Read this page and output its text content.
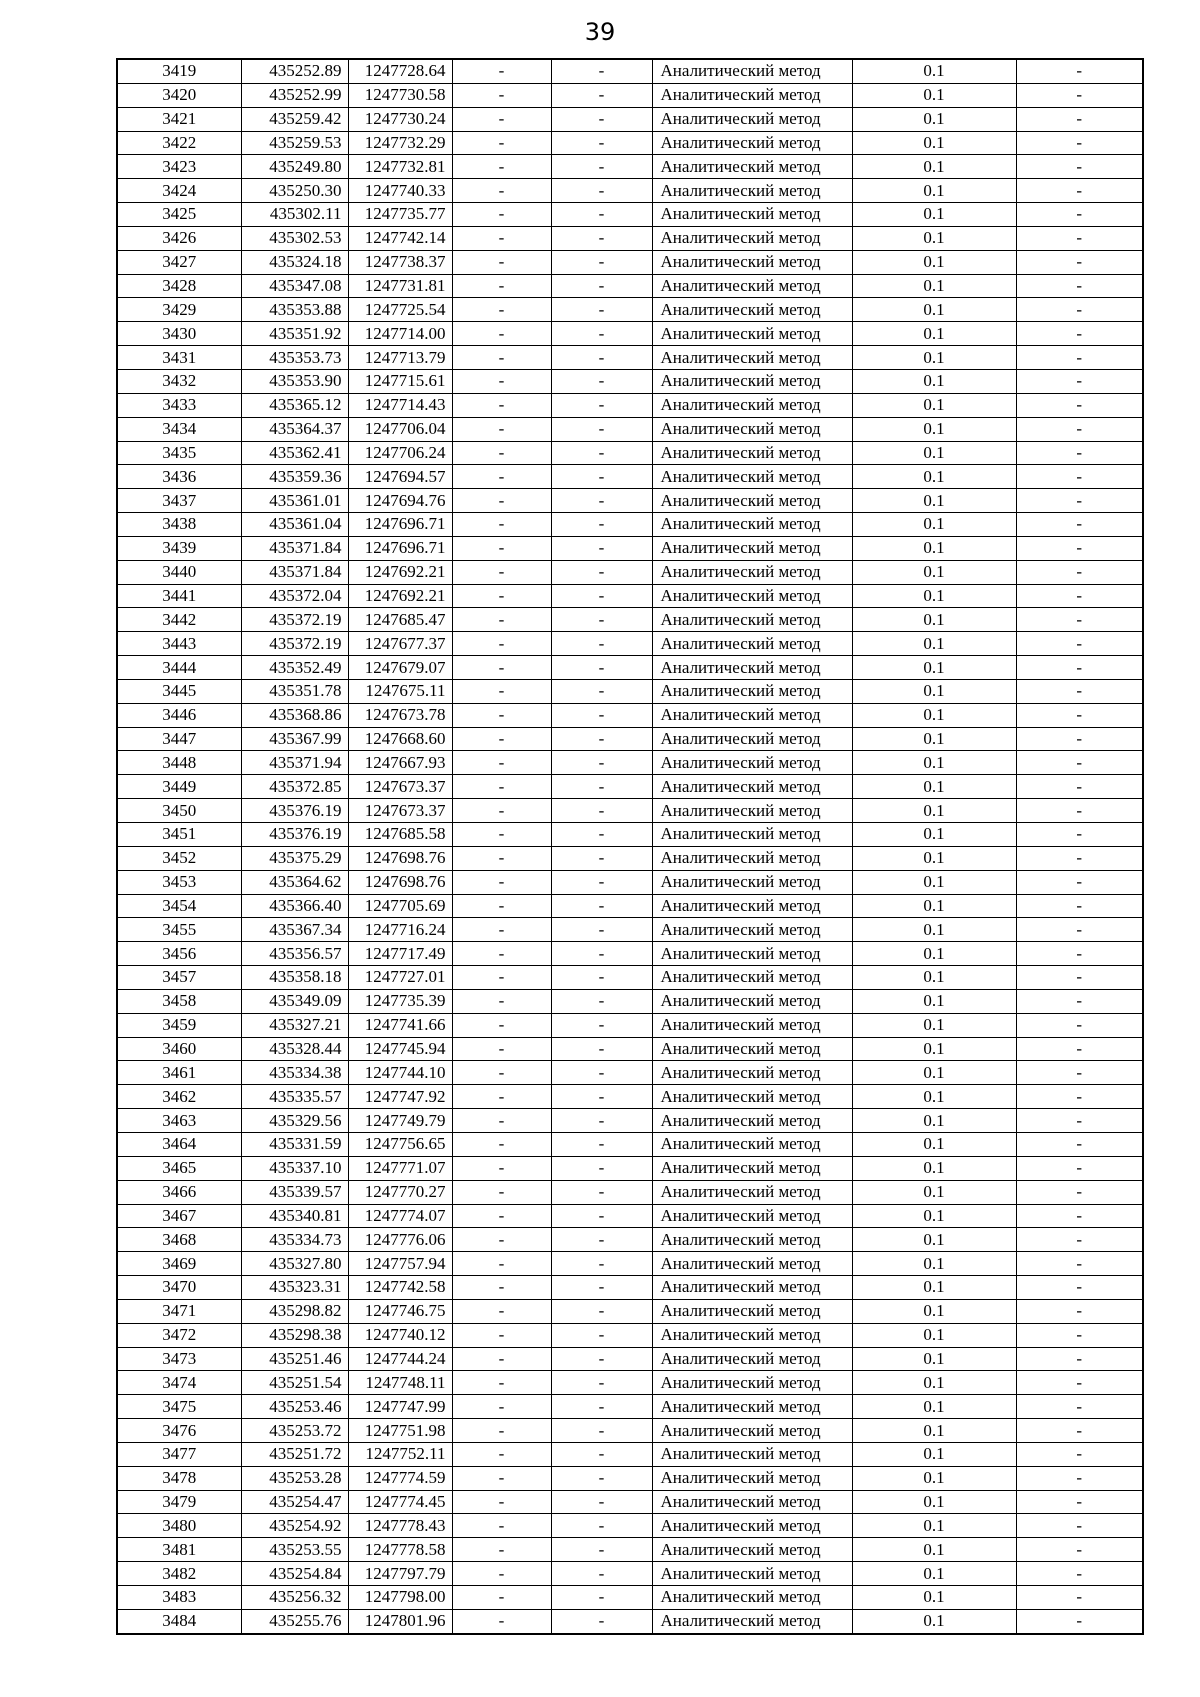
39
3419	435252.89	1247728.64	-	-	Аналитический метод	0.1	-
3420	435252.99	1247730.58	-	-	Аналитический метод	0.1	-
3421	435259.42	1247730.24	-	-	Аналитический метод	0.1	-
3422	435259.53	1247732.29	-	-	Аналитический метод	0.1	-
3423	435249.80	1247732.81	-	-	Аналитический метод	0.1	-
3424	435250.30	1247740.33	-	-	Аналитический метод	0.1	-
3425	435302.11	1247735.77	-	-	Аналитический метод	0.1	-
3426	435302.53	1247742.14	-	-	Аналитический метод	0.1	-
3427	435324.18	1247738.37	-	-	Аналитический метод	0.1	-
3428	435347.08	1247731.81	-	-	Аналитический метод	0.1	-
3429	435353.88	1247725.54	-	-	Аналитический метод	0.1	-
3430	435351.92	1247714.00	-	-	Аналитический метод	0.1	-
3431	435353.73	1247713.79	-	-	Аналитический метод	0.1	-
3432	435353.90	1247715.61	-	-	Аналитический метод	0.1	-
3433	435365.12	1247714.43	-	-	Аналитический метод	0.1	-
3434	435364.37	1247706.04	-	-	Аналитический метод	0.1	-
3435	435362.41	1247706.24	-	-	Аналитический метод	0.1	-
3436	435359.36	1247694.57	-	-	Аналитический метод	0.1	-
3437	435361.01	1247694.76	-	-	Аналитический метод	0.1	-
3438	435361.04	1247696.71	-	-	Аналитический метод	0.1	-
3439	435371.84	1247696.71	-	-	Аналитический метод	0.1	-
3440	435371.84	1247692.21	-	-	Аналитический метод	0.1	-
3441	435372.04	1247692.21	-	-	Аналитический метод	0.1	-
3442	435372.19	1247685.47	-	-	Аналитический метод	0.1	-
3443	435372.19	1247677.37	-	-	Аналитический метод	0.1	-
3444	435352.49	1247679.07	-	-	Аналитический метод	0.1	-
3445	435351.78	1247675.11	-	-	Аналитический метод	0.1	-
3446	435368.86	1247673.78	-	-	Аналитический метод	0.1	-
3447	435367.99	1247668.60	-	-	Аналитический метод	0.1	-
3448	435371.94	1247667.93	-	-	Аналитический метод	0.1	-
3449	435372.85	1247673.37	-	-	Аналитический метод	0.1	-
3450	435376.19	1247673.37	-	-	Аналитический метод	0.1	-
3451	435376.19	1247685.58	-	-	Аналитический метод	0.1	-
3452	435375.29	1247698.76	-	-	Аналитический метод	0.1	-
3453	435364.62	1247698.76	-	-	Аналитический метод	0.1	-
3454	435366.40	1247705.69	-	-	Аналитический метод	0.1	-
3455	435367.34	1247716.24	-	-	Аналитический метод	0.1	-
3456	435356.57	1247717.49	-	-	Аналитический метод	0.1	-
3457	435358.18	1247727.01	-	-	Аналитический метод	0.1	-
3458	435349.09	1247735.39	-	-	Аналитический метод	0.1	-
3459	435327.21	1247741.66	-	-	Аналитический метод	0.1	-
3460	435328.44	1247745.94	-	-	Аналитический метод	0.1	-
3461	435334.38	1247744.10	-	-	Аналитический метод	0.1	-
3462	435335.57	1247747.92	-	-	Аналитический метод	0.1	-
3463	435329.56	1247749.79	-	-	Аналитический метод	0.1	-
3464	435331.59	1247756.65	-	-	Аналитический метод	0.1	-
3465	435337.10	1247771.07	-	-	Аналитический метод	0.1	-
3466	435339.57	1247770.27	-	-	Аналитический метод	0.1	-
3467	435340.81	1247774.07	-	-	Аналитический метод	0.1	-
3468	435334.73	1247776.06	-	-	Аналитический метод	0.1	-
3469	435327.80	1247757.94	-	-	Аналитический метод	0.1	-
3470	435323.31	1247742.58	-	-	Аналитический метод	0.1	-
3471	435298.82	1247746.75	-	-	Аналитический метод	0.1	-
3472	435298.38	1247740.12	-	-	Аналитический метод	0.1	-
3473	435251.46	1247744.24	-	-	Аналитический метод	0.1	-
3474	435251.54	1247748.11	-	-	Аналитический метод	0.1	-
3475	435253.46	1247747.99	-	-	Аналитический метод	0.1	-
3476	435253.72	1247751.98	-	-	Аналитический метод	0.1	-
3477	435251.72	1247752.11	-	-	Аналитический метод	0.1	-
3478	435253.28	1247774.59	-	-	Аналитический метод	0.1	-
3479	435254.47	1247774.45	-	-	Аналитический метод	0.1	-
3480	435254.92	1247778.43	-	-	Аналитический метод	0.1	-
3481	435253.55	1247778.58	-	-	Аналитический метод	0.1	-
3482	435254.84	1247797.79	-	-	Аналитический метод	0.1	-
3483	435256.32	1247798.00	-	-	Аналитический метод	0.1	-
3484	435255.76	1247801.96	-	-	Аналитический метод	0.1	-
